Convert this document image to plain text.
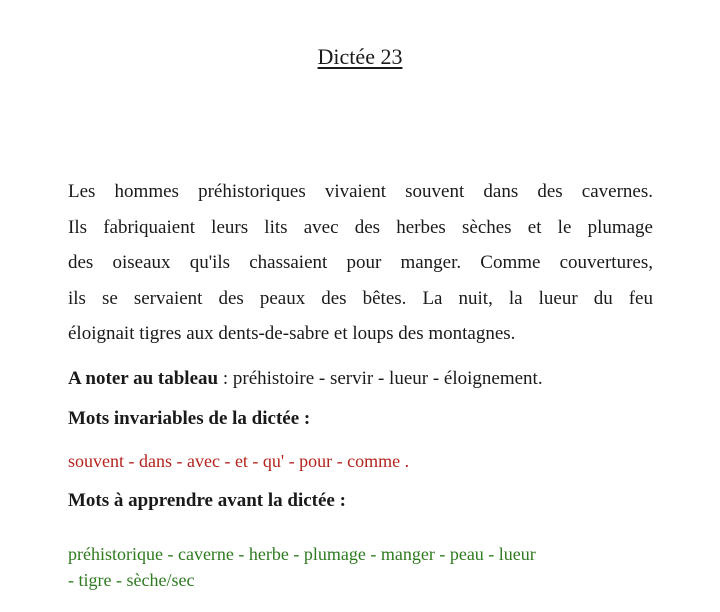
Dictée 23
Les hommes préhistoriques vivaient souvent dans des cavernes.
Ils fabriquaient leurs lits avec des herbes sèches et le plumage
des oiseaux qu'ils chassaient pour manger. Comme couvertures,
ils se servaient des peaux des bêtes. La nuit, la lueur du feu
éloignait tigres aux dents-de-sabre et loups des montagnes.
A noter au tableau : préhistoire - servir - lueur - éloignement.
Mots invariables de la dictée :
souvent - dans - avec - et - qu' - pour - comme .
Mots à apprendre avant la dictée :
préhistorique - caverne - herbe - plumage - manger - peau - lueur
- tigre - sèche/sec
